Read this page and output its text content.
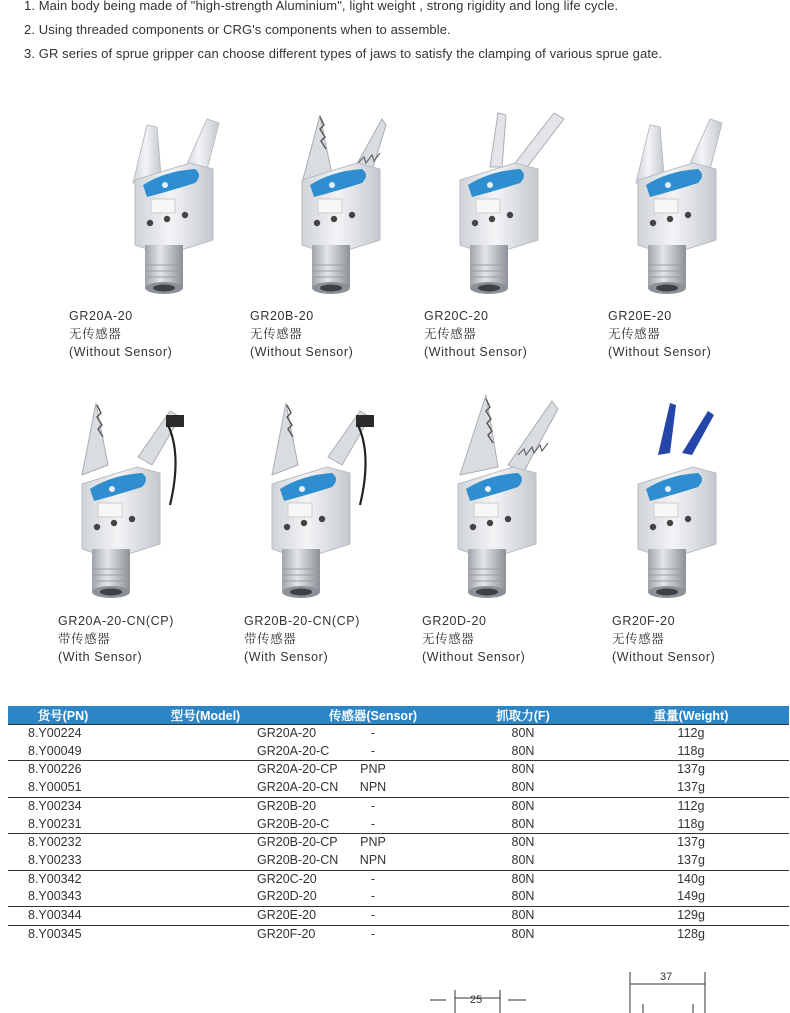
1. Main body being made of "high-strength Aluminium", light weight , strong rigidity and long life cycle.
2. Using threaded components or CRG's components when to assemble.
3. GR series of sprue gripper can choose different types of jaws to satisfy the clamping of various sprue gate.
GR20A-20
无传感器
(Without Sensor)
GR20B-20
无传感器
(Without Sensor)
GR20C-20
无传感器
(Without Sensor)
GR20E-20
无传感器
(Without Sensor)
GR20A-20-CN(CP)
带传感器
(With Sensor)
GR20B-20-CN(CP)
带传感器
(With Sensor)
GR20D-20
无传感器
(Without Sensor)
GR20F-20
无传感器
(Without Sensor)
货号(PN)	型号(Model)	传感器(Sensor)	抓取力(F)	重量(Weight)
8.Y00224	GR20A-20	-	80N	112g
8.Y00049	GR20A-20-C	-	80N	118g
8.Y00226	GR20A-20-CP	PNP	80N	137g
8.Y00051	GR20A-20-CN	NPN	80N	137g
8.Y00234	GR20B-20	-	80N	112g
8.Y00231	GR20B-20-C	-	80N	118g
8.Y00232	GR20B-20-CP	PNP	80N	137g
8.Y00233	GR20B-20-CN	NPN	80N	137g
8.Y00342	GR20C-20	-	80N	140g
8.Y00343	GR20D-20	-	80N	149g
8.Y00344	GR20E-20	-	80N	129g
8.Y00345	GR20F-20	-	80N	128g
25
37
